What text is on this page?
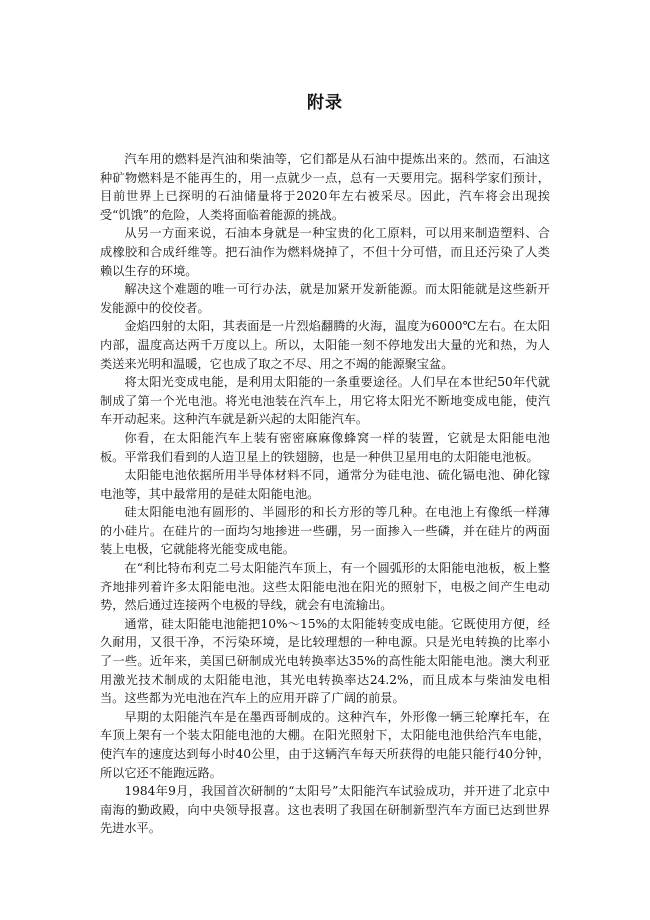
附录

汽车用的燃料是汽油和柴油等，它们都是从石油中提炼出来的。然而，石油这种矿物燃料是不能再生的，用一点就少一点，总有一天要用完。据科学家们预计，目前世界上已探明的石油储量将于2020年左右被采尽。因此，汽车将会出现挨受“饥饿”的危险，人类将面临着能源的挑战。

从另一方面来说，石油本身就是一种宝贵的化工原料，可以用来制造塑料、合成橡胶和合成纤维等。把石油作为燃料烧掉了，不但十分可惜，而且还污染了人类赖以生存的环境。

解决这个难题的唯一可行办法，就是加紧开发新能源。而太阳能就是这些新开发能源中的佼佼者。

金焰四射的太阳，其表面是一片烈焰翻腾的火海，温度为6000℃左右。在太阳内部，温度高达两千万度以上。所以，太阳能一刻不停地发出大量的光和热，为人类送来光明和温暖，它也成了取之不尽、用之不竭的能源聚宝盆。

将太阳光变成电能，是利用太阳能的一条重要途径。人们早在本世纪50年代就制成了第一个光电池。将光电池装在汽车上，用它将太阳光不断地变成电能，使汽车开动起来。这种汽车就是新兴起的太阳能汽车。

你看，在太阳能汽车上装有密密麻麻像蜂窝一样的装置，它就是太阳能电池板。平常我们看到的人造卫星上的铁翅膀，也是一种供卫星用电的太阳能电池板。

太阳能电池依据所用半导体材料不同，通常分为硅电池、硫化镉电池、砷化镓电池等，其中最常用的是硅太阳能电池。

硅太阳能电池有圆形的、半圆形的和长方形的等几种。在电池上有像纸一样薄的小硅片。在硅片的一面均匀地掺进一些硼，另一面掺入一些磷，并在硅片的两面装上电极，它就能将光能变成电能。

在“利比特布利克二号太阳能汽车顶上，有一个圆弧形的太阳能电池板，板上整齐地排列着许多太阳能电池。这些太阳能电池在阳光的照射下，电极之间产生电动势，然后通过连接两个电极的导线，就会有电流输出。

通常，硅太阳能电池能把10%～15%的太阳能转变成电能。它既使用方便，经久耐用，又很干净，不污染环境，是比较理想的一种电源。只是光电转换的比率小了一些。近年来，美国已研制成光电转换率达35%的高性能太阳能电池。澳大利亚用激光技术制成的太阳能电池，其光电转换率达24.2%，而且成本与柴油发电相当。这些都为光电池在汽车上的应用开辟了广阔的前景。

早期的太阳能汽车是在墨西哥制成的。这种汽车，外形像一辆三轮摩托车，在车顶上架有一个装太阳能电池的大棚。在阳光照射下，太阳能电池供给汽车电能，使汽车的速度达到每小时40公里，由于这辆汽车每天所获得的电能只能行40分钟，所以它还不能跑远路。

1984年9月，我国首次研制的“太阳号”太阳能汽车试验成功，并开进了北京中南海的勤政殿，向中央领导报喜。这也表明了我国在研制新型汽车方面已达到世界先进水平。
